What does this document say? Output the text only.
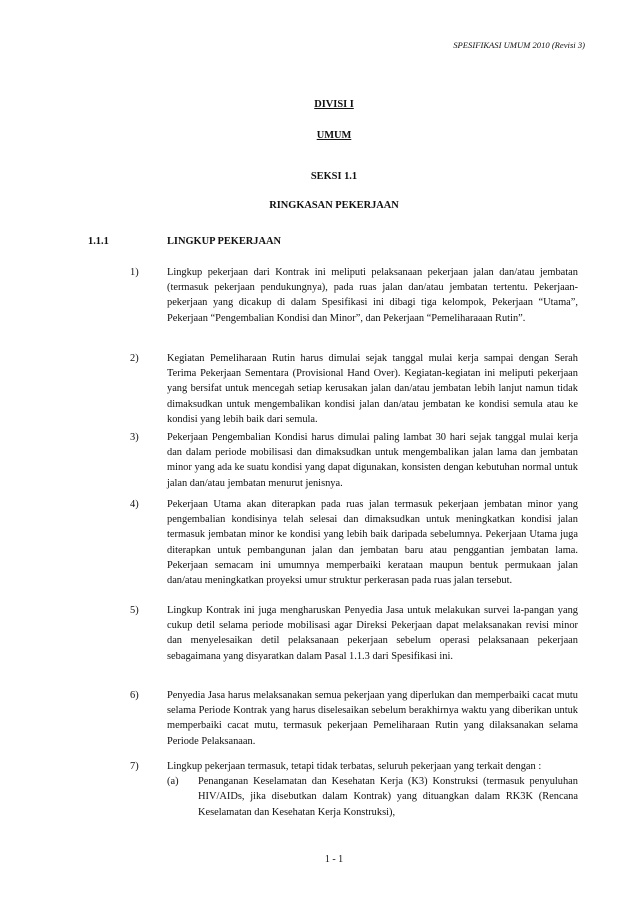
SPESIFIKASI UMUM 2010 (Revisi 3)
DIVISI I
UMUM
SEKSI 1.1
RINGKASAN PEKERJAAN
1.1.1	LINGKUP PEKERJAAN
1)	Lingkup pekerjaan dari Kontrak ini meliputi pelaksanaan pekerjaan jalan dan/atau jembatan (termasuk pekerjaan pendukungnya), pada ruas jalan dan/atau jembatan tertentu. Pekerjaan-pekerjaan yang dicakup di dalam Spesifikasi ini dibagi tiga kelompok, Pekerjaan “Utama”, Pekerjaan “Pengembalian Kondisi dan Minor”, dan Pekerjaan “Pemeliharaaan Rutin”.
2)	Kegiatan Pemeliharaan Rutin harus dimulai sejak tanggal mulai kerja sampai dengan Serah Terima Pekerjaan Sementara (Provisional Hand Over). Kegiatan-kegiatan ini meliputi pekerjaan yang bersifat untuk mencegah setiap kerusakan jalan dan/atau jembatan lebih lanjut namun tidak dimaksudkan untuk mengembalikan kondisi jalan dan/atau jembatan ke kondisi semula atau ke kondisi yang lebih baik dari semula.
3)	Pekerjaan Pengembalian Kondisi harus dimulai paling lambat 30 hari sejak tanggal mulai kerja dan dalam periode mobilisasi dan dimaksudkan untuk mengembalikan jalan lama dan jembatan minor yang ada ke suatu kondisi yang dapat digunakan, konsisten dengan kebutuhan normal untuk jalan dan/atau jembatan menurut jenisnya.
4)	Pekerjaan Utama akan diterapkan pada ruas jalan termasuk pekerjaan jembatan minor yang pengembalian kondisinya telah selesai dan dimaksudkan untuk meningkatkan kondisi jalan termasuk jembatan minor ke kondisi yang lebih baik daripada sebelumnya. Pekerjaan Utama juga diterapkan untuk pembangunan jalan dan jembatan baru atau penggantian jembatan lama. Pekerjaan semacam ini umumnya memperbaiki kerataan maupun bentuk permukaan jalan dan/atau meningkatkan proyeksi umur struktur perkerasan pada ruas jalan tersebut.
5)	Lingkup Kontrak ini juga mengharuskan Penyedia Jasa untuk melakukan survei la-pangan yang cukup detil selama periode mobilisasi agar Direksi Pekerjaan dapat melaksanakan revisi minor dan menyelesaikan detil pelaksanaan pekerjaan sebelum operasi pelaksanaan pekerjaan sebagaimana yang disyaratkan dalam Pasal 1.1.3 dari Spesifikasi ini.
6)	Penyedia Jasa harus melaksanakan semua pekerjaan yang diperlukan dan memperbaiki cacat mutu selama Periode Kontrak yang harus diselesaikan sebelum berakhirnya waktu yang diberikan untuk memperbaiki cacat mutu, termasuk pekerjaan Pemeliharaan Rutin yang dilaksanakan selama Periode Pelaksanaan.
7)	Lingkup pekerjaan termasuk, tetapi tidak terbatas, seluruh pekerjaan yang terkait dengan :
(a) Penanganan Keselamatan dan Kesehatan Kerja (K3) Konstruksi (termasuk penyuluhan HIV/AIDs, jika disebutkan dalam Kontrak) yang dituangkan dalam RK3K (Rencana Keselamatan dan Kesehatan Kerja Konstruksi),
1 - 1
